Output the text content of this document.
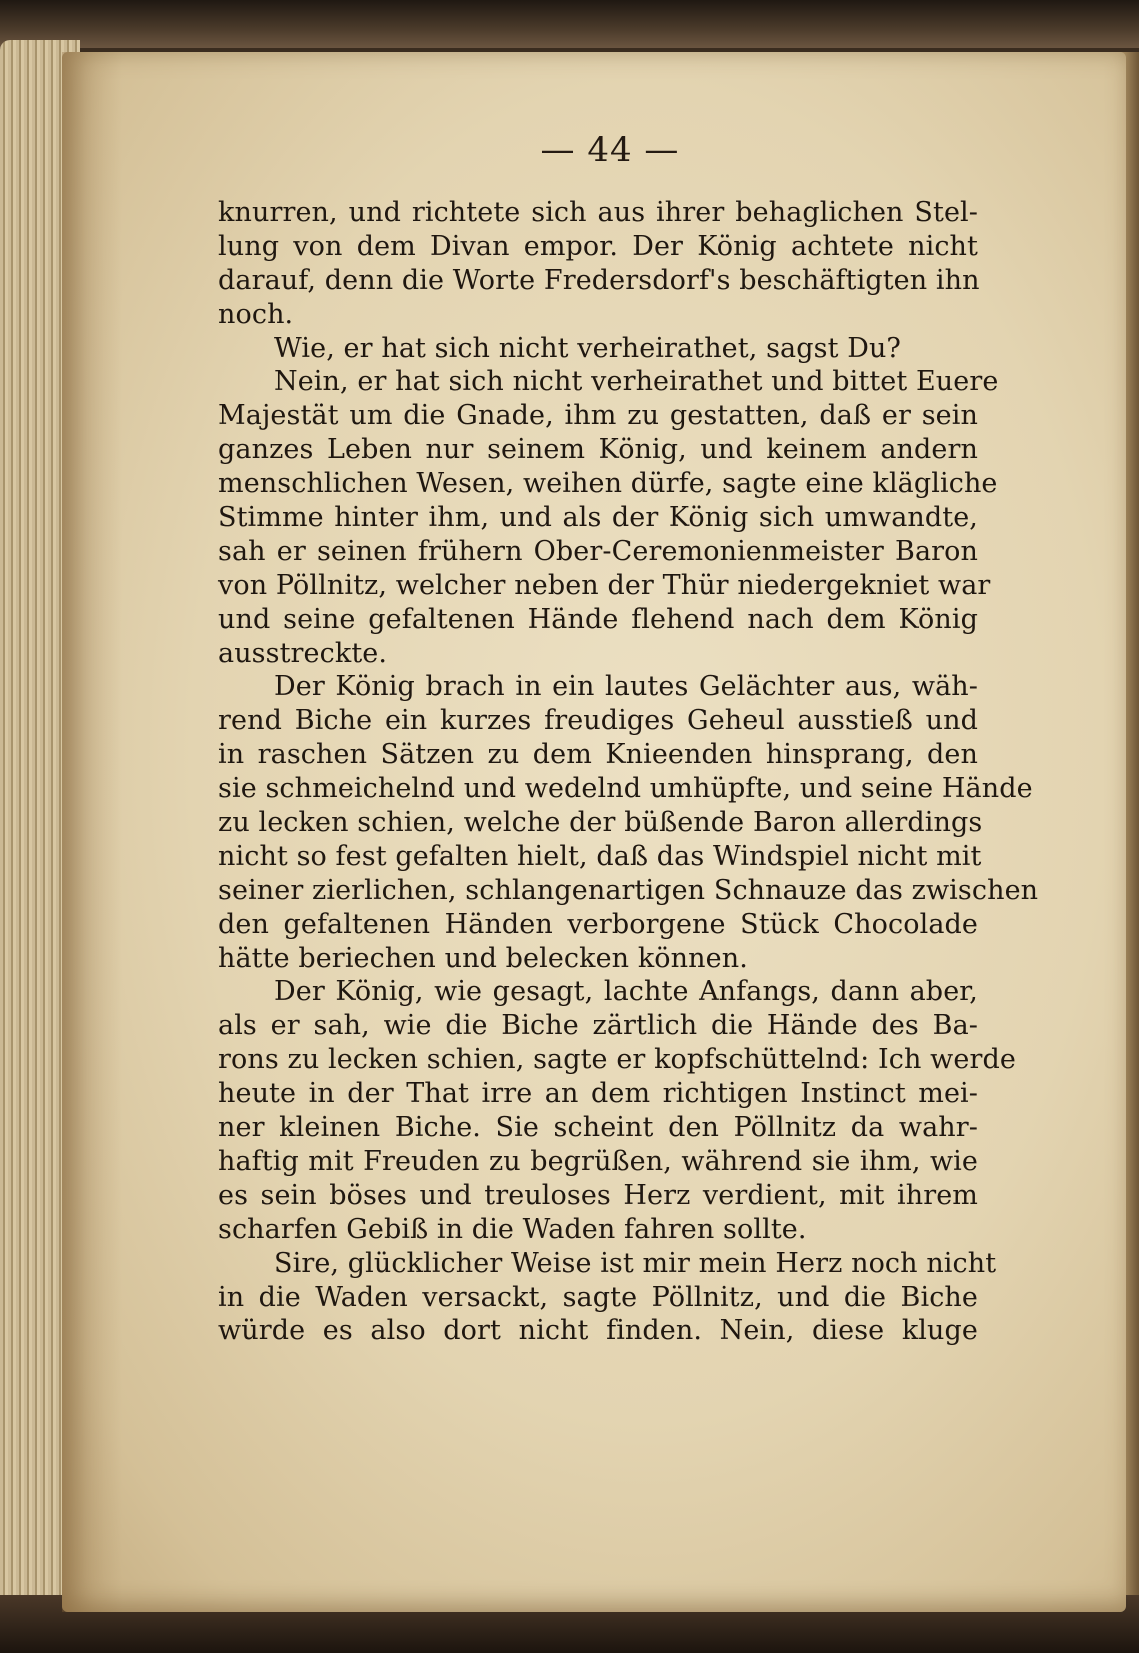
— 44 —
knurren, und richtete sich aus ihrer behaglichen Stel-
lung von dem Divan empor. Der König achtete nicht
darauf, denn die Worte Fredersdorf's beschäftigten ihn
noch.
Wie, er hat sich nicht verheirathet, sagst Du?
Nein, er hat sich nicht verheirathet und bittet Euere
Majestät um die Gnade, ihm zu gestatten, daß er sein
ganzes Leben nur seinem König, und keinem andern
menschlichen Wesen, weihen dürfe, sagte eine klägliche
Stimme hinter ihm, und als der König sich umwandte,
sah er seinen frühern Ober-Ceremonienmeister Baron
von Pöllnitz, welcher neben der Thür niedergekniet war
und seine gefaltenen Hände flehend nach dem König
ausstreckte.
Der König brach in ein lautes Gelächter aus, wäh-
rend Biche ein kurzes freudiges Geheul ausstieß und
in raschen Sätzen zu dem Knieenden hinsprang, den
sie schmeichelnd und wedelnd umhüpfte, und seine Hände
zu lecken schien, welche der büßende Baron allerdings
nicht so fest gefalten hielt, daß das Windspiel nicht mit
seiner zierlichen, schlangenartigen Schnauze das zwischen
den gefaltenen Händen verborgene Stück Chocolade
hätte beriechen und belecken können.
Der König, wie gesagt, lachte Anfangs, dann aber,
als er sah, wie die Biche zärtlich die Hände des Ba-
rons zu lecken schien, sagte er kopfschüttelnd: Ich werde
heute in der That irre an dem richtigen Instinct mei-
ner kleinen Biche. Sie scheint den Pöllnitz da wahr-
haftig mit Freuden zu begrüßen, während sie ihm, wie
es sein böses und treuloses Herz verdient, mit ihrem
scharfen Gebiß in die Waden fahren sollte.
Sire, glücklicher Weise ist mir mein Herz noch nicht
in die Waden versackt, sagte Pöllnitz, und die Biche
würde es also dort nicht finden. Nein, diese kluge
